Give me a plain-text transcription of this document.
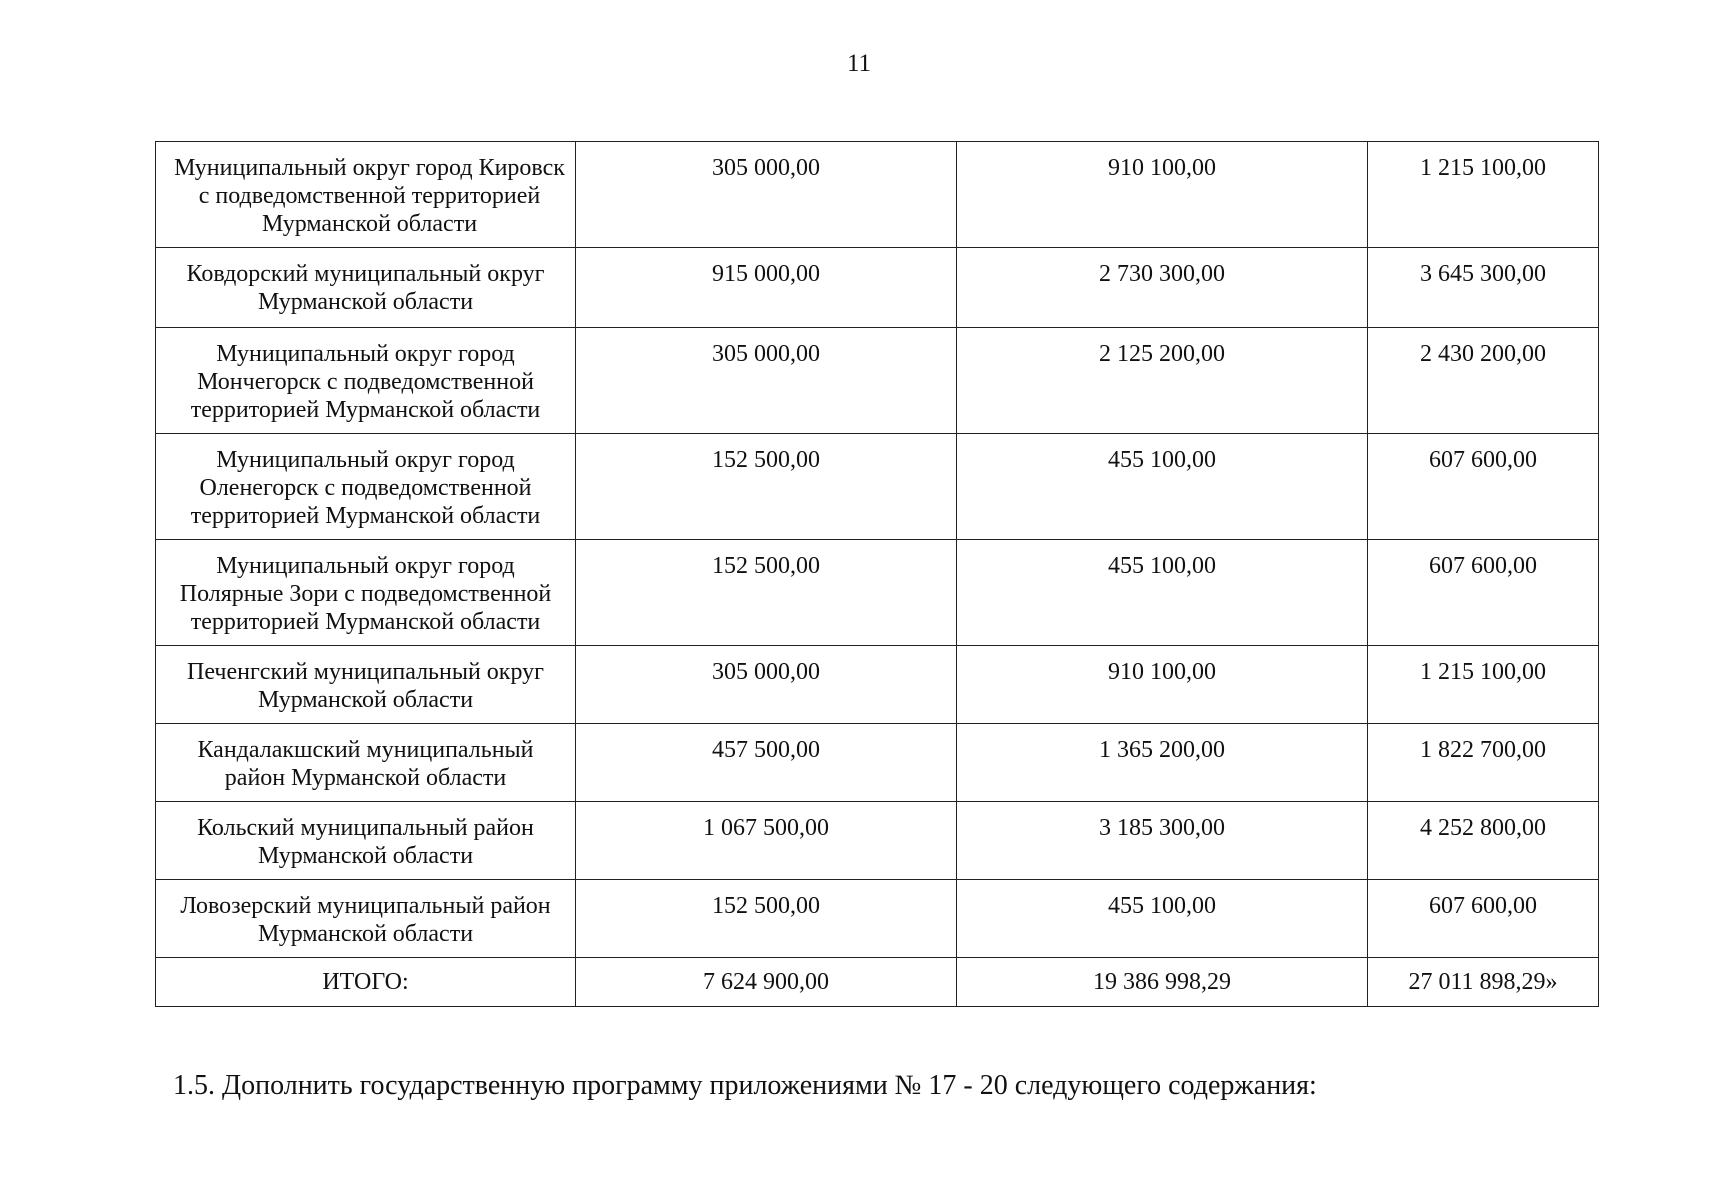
11
Муниципальный округ город Кировск с подведомственной территорией Мурманской области	305 000,00	910 100,00	1 215 100,00
Ковдорский муниципальный округ Мурманской области	915 000,00	2 730 300,00	3 645 300,00
Муниципальный округ город Мончегорск с подведомственной территорией Мурманской области	305 000,00	2 125 200,00	2 430 200,00
Муниципальный округ город Оленегорск с подведомственной территорией Мурманской области	152 500,00	455 100,00	607 600,00
Муниципальный округ город Полярные Зори с подведомственной территорией Мурманской области	152 500,00	455 100,00	607 600,00
Печенгский муниципальный округ Мурманской области	305 000,00	910 100,00	1 215 100,00
Кандалакшский муниципальный район Мурманской области	457 500,00	1 365 200,00	1 822 700,00
Кольский муниципальный район Мурманской области	1 067 500,00	3 185 300,00	4 252 800,00
Ловозерский муниципальный район Мурманской области	152 500,00	455 100,00	607 600,00
ИТОГО:	7 624 900,00	19 386 998,29	27 011 898,29»
1.5. Дополнить государственную программу приложениями № 17 - 20 следующего содержания:
